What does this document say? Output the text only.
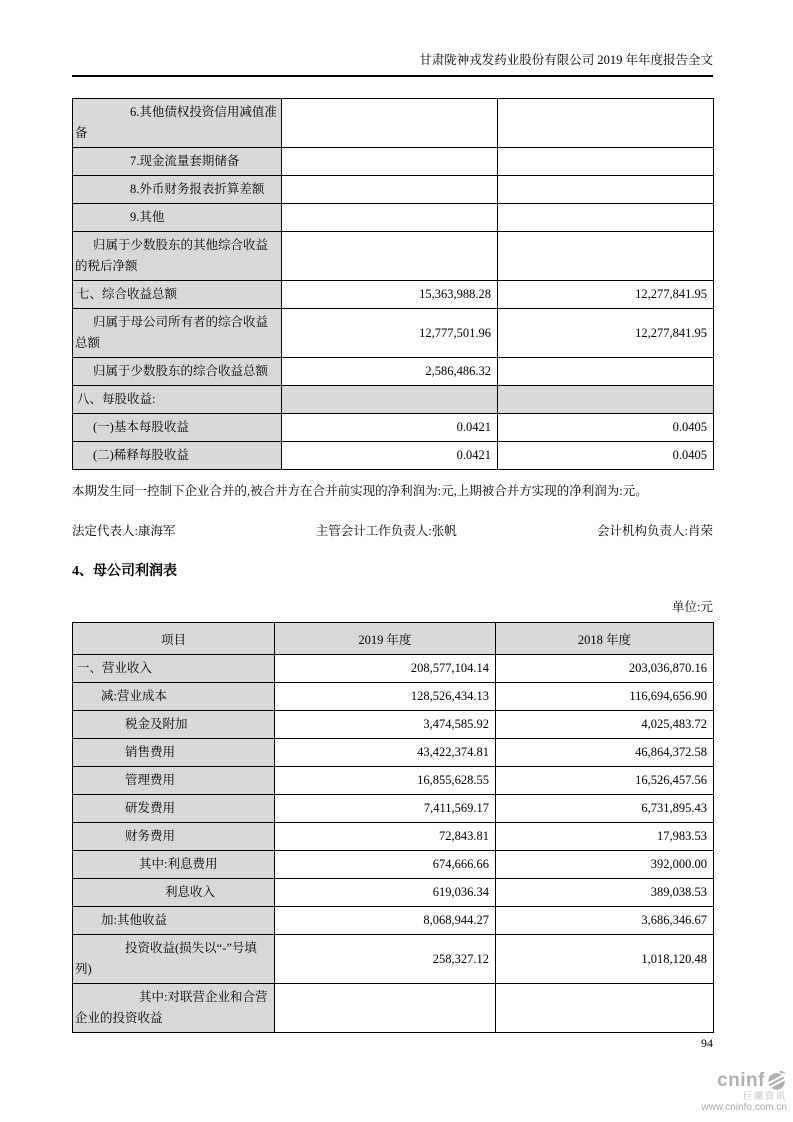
甘肃陇神戎发药业股份有限公司 2019 年年度报告全文
6.其他债权投资信用减值准备		
7.现金流量套期储备		
8.外币财务报表折算差额		
9.其他		
归属于少数股东的其他综合收益的税后净额		
七、综合收益总额	15,363,988.28	12,277,841.95
归属于母公司所有者的综合收益总额	12,777,501.96	12,277,841.95
归属于少数股东的综合收益总额	2,586,486.32	
八、每股收益:		
(一)基本每股收益	0.0421	0.0405
(二)稀释每股收益	0.0421	0.0405

本期发生同一控制下企业合并的,被合并方在合并前实现的净利润为:元,上期被合并方实现的净利润为:元。

法定代表人:康海军	主管会计工作负责人:张帆	会计机构负责人:肖荣
4、母公司利润表
单位:元
项目	2019 年度	2018 年度
一、营业收入	208,577,104.14	203,036,870.16
减:营业成本	128,526,434.13	116,694,656.90
税金及附加	3,474,585.92	4,025,483.72
销售费用	43,422,374.81	46,864,372.58
管理费用	16,855,628.55	16,526,457.56
研发费用	7,411,569.17	6,731,895.43
财务费用	72,843.81	17,983.53
其中:利息费用	674,666.66	392,000.00
利息收入	619,036.34	389,038.53
加:其他收益	8,068,944.27	3,686,346.67
投资收益(损失以“-”号填列)	258,327.12	1,018,120.48
其中:对联营企业和合营企业的投资收益		
94
cninf
巨潮资讯
www.cninfo.com.cn
